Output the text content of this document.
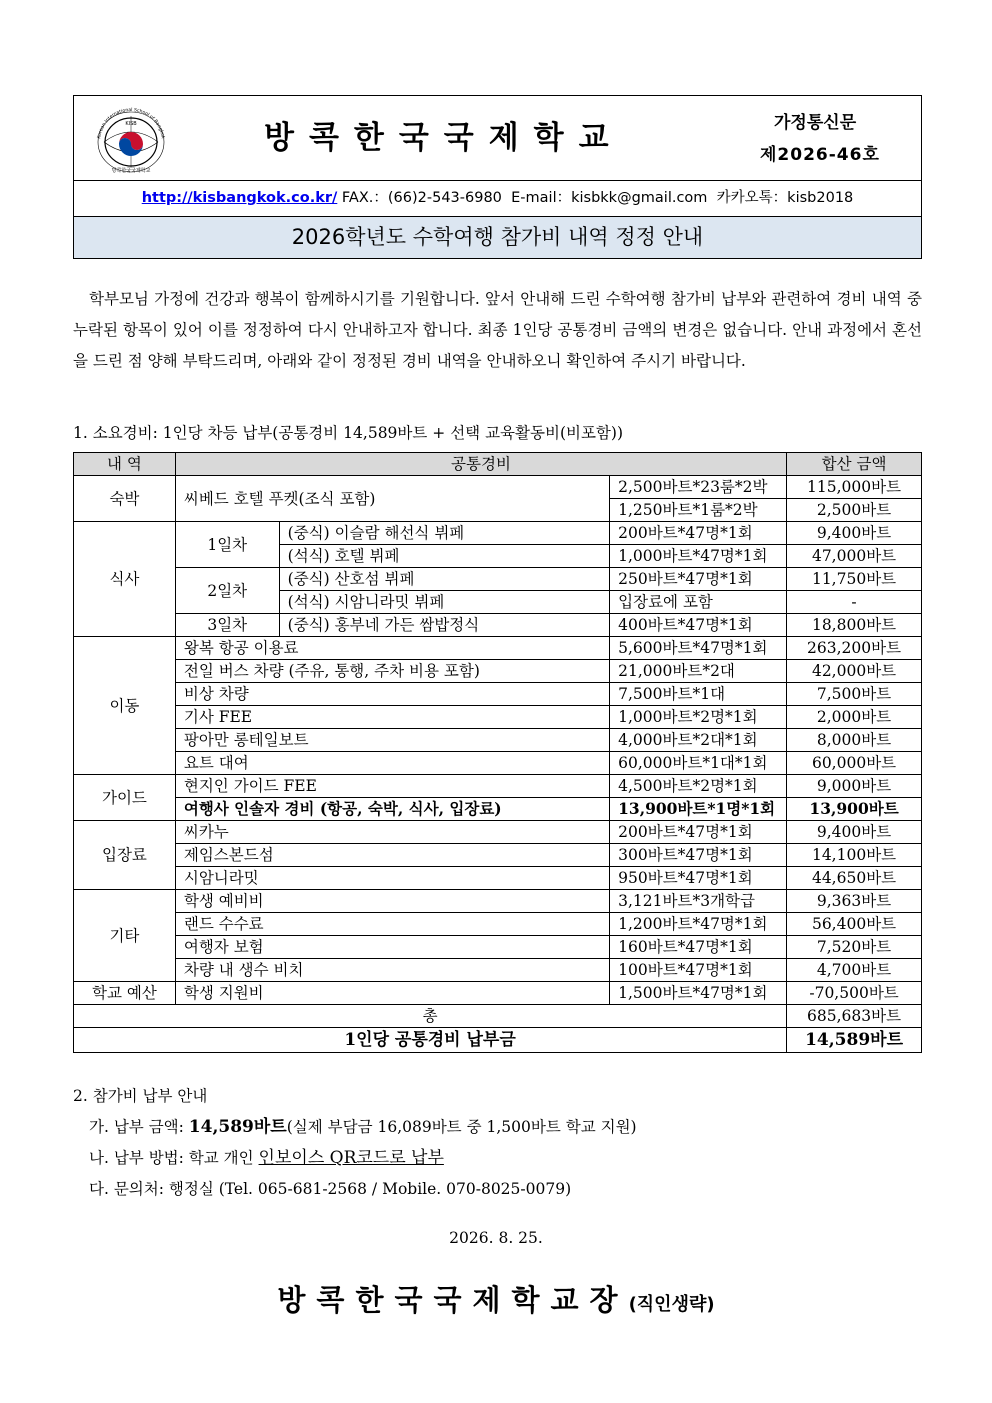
KISB
Korean International School of Bangkok
방콕한국국제학교
방콕한국국제학교	가정통신문
제2026-46호
http://kisbangkok.co.kr/ FAX.：(66)2-543-6980 E-mail：kisbkk@gmail.com 카카오톡：kisb2018
2026학년도 수학여행 참가비 내역 정정 안내

학부모님 가정에 건강과 행복이 함께하시기를 기원합니다. 앞서 안내해 드린 수학여행 참가비 납부와 관련하여 경비 내역 중 누락된 항목이 있어 이를 정정하여 다시 안내하고자 합니다. 최종 1인당 공통경비 금액의 변경은 없습니다. 안내 과정에서 혼선을 드린 점 양해 부탁드리며, 아래와 같이 정정된 경비 내역을 안내하오니 확인하여 주시기 바랍니다.

1. 소요경비: 1인당 차등 납부(공통경비 14,589바트 + 선택 교육활동비(비포함))
내 역	공통경비			합산 금액
숙박	씨베드 호텔 푸켓(조식 포함)		2,500바트*23룸*2박	115,000바트
			1,250바트*1룸*2박	2,500바트
식사	1일차	(중식) 이슬람 해선식 뷔페	200바트*47명*1회	9,400바트
		(석식) 호텔 뷔페	1,000바트*47명*1회	47,000바트
	2일차	(중식) 산호섬 뷔페	250바트*47명*1회	11,750바트
		(석식) 시암니라밋 뷔페	입장료에 포함	-
	3일차	(중식) 홍부네 가든 쌈밥정식	400바트*47명*1회	18,800바트
이동	왕복 항공 이용료		5,600바트*47명*1회	263,200바트
	전일 버스 차량 (주유, 통행, 주차 비용 포함)		21,000바트*2대	42,000바트
	비상 차량		7,500바트*1대	7,500바트
	기사 FEE		1,000바트*2명*1회	2,000바트
	팡아만 롱테일보트		4,000바트*2대*1회	8,000바트
	요트 대여		60,000바트*1대*1회	60,000바트
가이드	현지인 가이드 FEE		4,500바트*2명*1회	9,000바트
	여행사 인솔자 경비 (항공, 숙박, 식사, 입장료)		13,900바트*1명*1회	13,900바트
입장료	씨카누		200바트*47명*1회	9,400바트
	제임스본드섬		300바트*47명*1회	14,100바트
	시암니라밋		950바트*47명*1회	44,650바트
기타	학생 예비비		3,121바트*3개학급	9,363바트
	랜드 수수료		1,200바트*47명*1회	56,400바트
	여행자 보험		160바트*47명*1회	7,520바트
	차량 내 생수 비치		100바트*47명*1회	4,700바트
학교 예산	학생 지원비		1,500바트*47명*1회	-70,500바트
총				685,683바트
1인당 공통경비 납부금				14,589바트
2. 참가비 납부 안내
가. 납부 금액: 14,589바트(실제 부담금 16,089바트 중 1,500바트 학교 지원)
나. 납부 방법: 학교 개인 인보이스 QR코드로 납부
다. 문의처: 행정실 (Tel. 065-681-2568 / Mobile. 070-8025-0079)
2026. 8. 25.
방콕한국국제학교장(직인생략)
